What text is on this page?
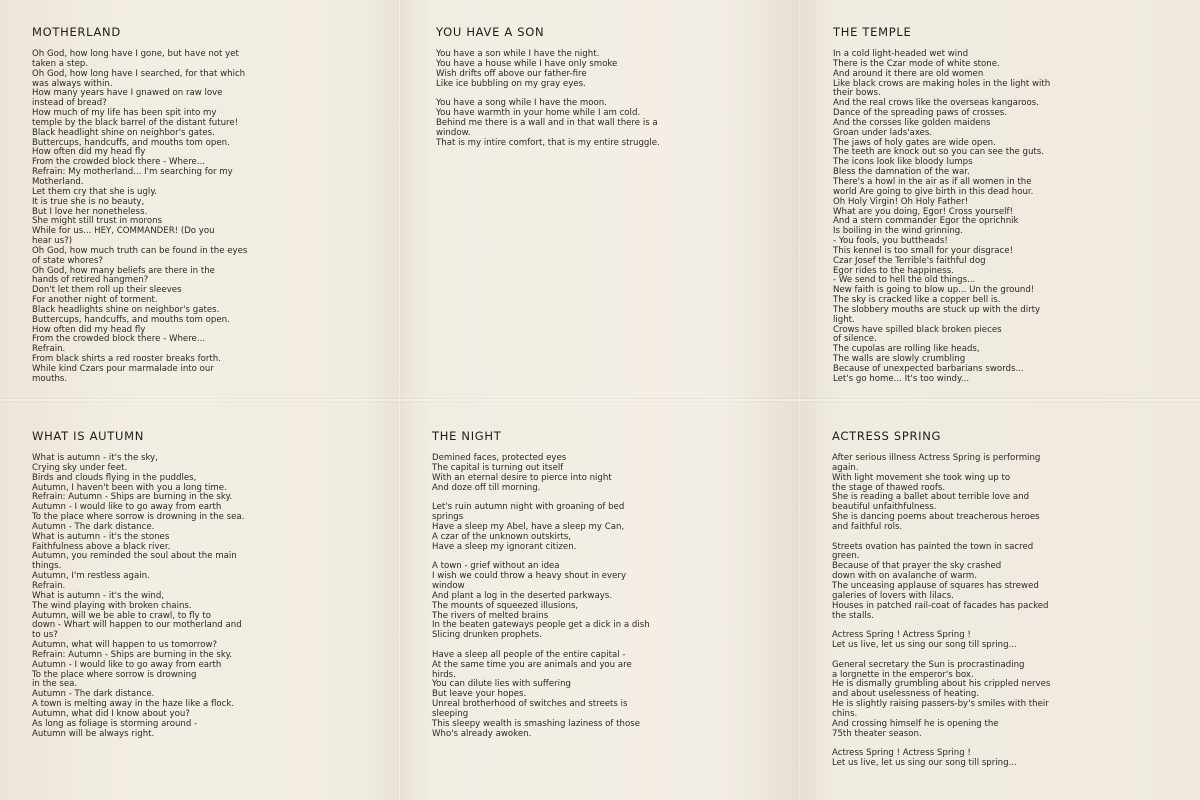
MOTHERLAND
Oh God, how long have I gone, but have not yet
taken a step.
Oh God, how long have I searched, for that which
was always within.
How many years have I gnawed on raw love
instead of bread?
How much of my life has been spit into my
temple by the black barrel of the distant future!
Black headlight shine on neighbor's gates.
Buttercups, handcuffs, and mouths tom open.
How often did my head fly
From the crowded block there - Where...
Refrain: My motherland... I'm searching for my
Motherland.
Let them cry that she is ugly.
It is true she is no beauty,
But I love her nonetheless.
She might still trust in morons
While for us... HEY, COMMANDER! (Do you
hear us?)
Oh God, how much truth can be found in the eyes
of state whores?
Oh God, how many beliefs are there in the
hands of retired hangmen?
Don't let them roll up their sleeves
For another night of torment.
Black headlights shine on neighbor's gates.
Buttercups, handcuffs, and mouths tom open.
How often did my head fly
From the crowded block there - Where...
Refrain.
From black shirts a red rooster breaks forth.
While kind Czars pour marmalade into our
mouths.
YOU HAVE A SON
You have a son while I have the night.
You have a house while I have only smoke
Wish drifts off above our father-fire
Like ice bubbling on my gray eyes.
You have a song while I have the moon.
You have warmth in your home while I am cold.
Behind me there is a wall and in that wall there is a
window.
That is my intire comfort, that is my entire struggle.
THE TEMPLE
In a cold light-headed wet wind
There is the Czar mode of white stone.
And around it there are old women
Like black crows are making holes in the light with
their bows.
And the real crows like the overseas kangaroos.
Dance of the spreading paws of crosses.
And the corsses like golden maidens
Groan under lads'axes.
The jaws of holy gates are wide open.
The teeth are knock out so you can see the guts.
The icons look like bloody lumps
Bless the damnation of the war.
There's a howl in the air as if all women in the
world Are going to give birth in this dead hour.
Oh Holy Virgin! Oh Holy Father!
What are you doing, Egor! Cross yourself!
And a stern commander Egor the oprichnik
Is boiling in the wind grinning.
- You fools, you buttheads!
This kennel is too small for your disgrace!
Czar Josef the Terrible's faithful dog
Egor rides to the happiness.
- We send to hell the old things...
New faith is going to blow up... Un the ground!
The sky is cracked like a copper bell is.
The slobbery mouths are stuck up with the dirty
light.
Crows have spilled black broken pieces
of silence.
The cupolas are rolling like heads,
The walls are slowly crumbling
Because of unexpected barbarians swords...
Let's go home... It's too windy...
WHAT IS AUTUMN
What is autumn - it's the sky,
Crying sky under feet.
Birds and clouds flying in the puddles,
Autumn, I haven't been with you a long time.
Refrain: Autumn - Ships are burning in the sky.
Autumn - I would like to go away from earth
To the place where sorrow is drowning in the sea.
Autumn - The dark distance.
What is autumn - it's the stones
Faithfulness above a black river.
Autumn, you reminded the soul about the main
things.
Autumn, I'm restless again.
Refrain.
What is autumn - it's the wind,
The wind playing with broken chains.
Autumn, will we be able to crawl, to fly to
down - Whart will happen to our motherland and
to us?
Autumn, what will happen to us tomorrow?
Refrain: Autumn - Ships are burning in the sky.
Autumn - I would like to go away from earth
To the place where sorrow is drowning
in the sea.
Autumn - The dark distance.
A town is melting away in the haze like a flock.
Autumn, what did I know about you?
As long as foliage is storming around -
Autumn will be always right.
THE NIGHT
Demined faces, protected eyes
The capital is turning out itself
With an eternal desire to pierce into night
And doze off till morning.
Let's ruin autumn night with groaning of bed
springs
Have a sleep my Abel, have a sleep my Can,
A czar of the unknown outskirts,
Have a sleep my ignorant citizen.
A town - grief without an idea
I wish we could throw a heavy shout in every
window
And plant a log in the deserted parkways.
The mounts of squeezed illusions,
The rivers of melted brains
In the beaten gateways people get a dick in a dish
Slicing drunken prophets.
Have a sleep all people of the entire capital -
At the same time you are animals and you are
hirds.
You can dilute lies with suffering
But leave your hopes.
Unreal brotherhood of switches and streets is
sleeping
This sleepy wealth is smashing laziness of those
Who's already awoken.
ACTRESS SPRING
After serious illness Actress Spring is performing
again.
With light movement she took wing up to
the stage of thawed roofs.
She is reading a ballet about terrible love and
beautiful unfaithfulness.
She is dancing poems about treacherous heroes
and faithful rols.
Streets ovation has painted the town in sacred
green.
Because of that prayer the sky crashed
down with on avalanche of warm.
The unceasing applause of squares has strewed
galeries of lovers with lilacs.
Houses in patched rail-coat of facades has packed
the stalls.
Actress Spring ! Actress Spring !
Let us live, let us sing our song till spring...
General secretary the Sun is procrastinading
a lorgnette in the emperor's box.
He is dismally grumbling about his crippled nerves
and about uselessness of heating.
He is slightly raising passers-by's smiles with their
chins.
And crossing himself he is opening the
75th theater season.
Actress Spring ! Actress Spring !
Let us live, let us sing our song till spring...
